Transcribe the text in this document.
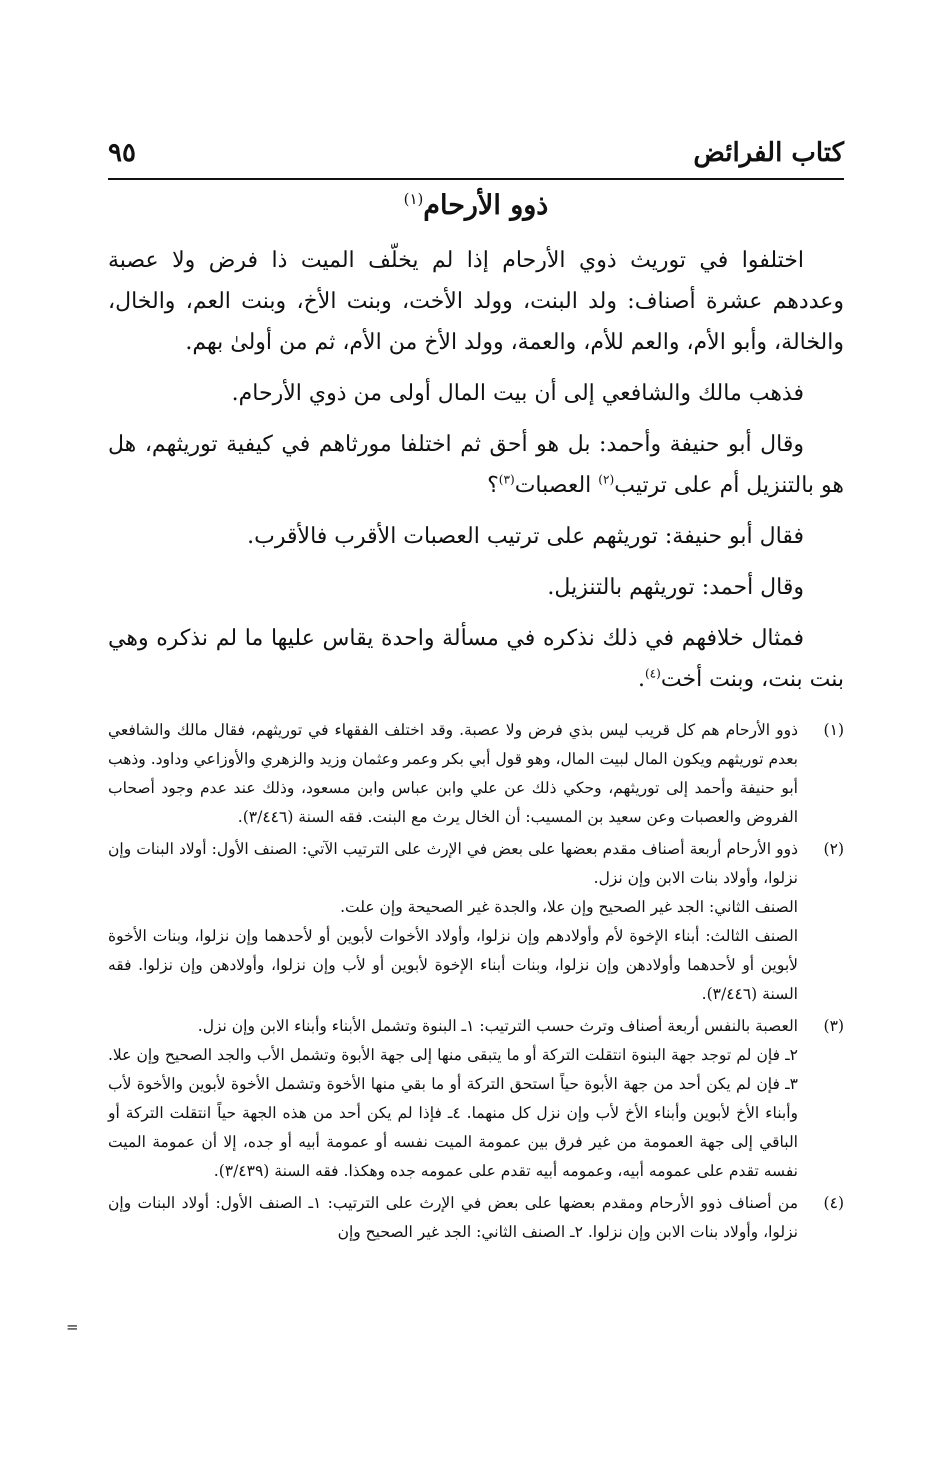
كتاب الفرائض
٩٥
ذوو الأرحام$^{(١)}$

اختلفوا في توريث ذوي الأرحام إذا لم يخلّف الميت ذا فرض ولا عصبة وعددهم عشرة أصناف: ولد البنت، وولد الأخت، وبنت الأخ، وبنت العم، والخال، والخالة، وأبو الأم، والعم للأم، والعمة، وولد الأخ من الأم، ثم من أولىٰ بهم.

فذهب مالك والشافعي إلى أن بيت المال أولى من ذوي الأرحام.

وقال أبو حنيفة وأحمد: بل هو أحق ثم اختلفا مورثاهم في كيفية توريثهم، هل هو بالتنزيل أم على ترتيب$^{(٢)}$ العصبات$^{(٣)}$؟

فقال أبو حنيفة: توريثهم على ترتيب العصبات الأقرب فالأقرب.

وقال أحمد: توريثهم بالتنزيل.

فمثال خلافهم في ذلك نذكره في مسألة واحدة يقاس عليها ما لم نذكره وهي بنت بنت، وبنت أخت$^{(٤)}$.

(١)
ذوو الأرحام هم كل قريب ليس بذي فرض ولا عصبة. وقد اختلف الفقهاء في توريثهم، فقال مالك والشافعي بعدم توريثهم ويكون المال لبيت المال، وهو قول أبي بكر وعمر وعثمان وزيد والزهري والأوزاعي وداود. وذهب أبو حنيفة وأحمد إلى توريثهم، وحكي ذلك عن علي وابن عباس وابن مسعود، وذلك عند عدم وجود أصحاب الفروض والعصبات وعن سعيد بن المسيب: أن الخال يرث مع البنت. فقه السنة (٣/٤٤٦).
(٢)
ذوو الأرحام أربعة أصناف مقدم بعضها على بعض في الإرث على الترتيب الآتي: الصنف الأول: أولاد البنات وإن نزلوا، وأولاد بنات الابن وإن نزل.
الصنف الثاني: الجد غير الصحيح وإن علا، والجدة غير الصحيحة وإن علت.
الصنف الثالث: أبناء الإخوة لأم وأولادهم وإن نزلوا، وأولاد الأخوات لأبوين أو لأحدهما وإن نزلوا، وبنات الأخوة لأبوين أو لأحدهما وأولادهن وإن نزلوا، وبنات أبناء الإخوة لأبوين أو لأب وإن نزلوا، وأولادهن وإن نزلوا. فقه السنة (٣/٤٤٦).
(٣)
العصبة بالنفس أربعة أصناف وترث حسب الترتيب: ١ـ البنوة وتشمل الأبناء وأبناء الابن وإن نزل.
٢ـ فإن لم توجد جهة البنوة انتقلت التركة أو ما يتبقى منها إلى جهة الأبوة وتشمل الأب والجد الصحيح وإن علا. ٣ـ فإن لم يكن أحد من جهة الأبوة حياً استحق التركة أو ما بقي منها الأخوة وتشمل الأخوة لأبوين والأخوة لأب وأبناء الأخ لأبوين وأبناء الأخ لأب وإن نزل كل منهما. ٤ـ فإذا لم يكن أحد من هذه الجهة حياً انتقلت التركة أو الباقي إلى جهة العمومة من غير فرق بين عمومة الميت نفسه أو عمومة أبيه أو جده، إلا أن عمومة الميت نفسه تقدم على عمومه أبيه، وعمومه أبيه تقدم على عمومه جده وهكذا. فقه السنة (٣/٤٣٩).
(٤)
من أصناف ذوو الأرحام ومقدم بعضها على بعض في الإرث على الترتيب: ١ـ الصنف الأول: أولاد البنات وإن نزلوا، وأولاد بنات الابن وإن نزلوا. ٢ـ الصنف الثاني: الجد غير الصحيح وإن
=
